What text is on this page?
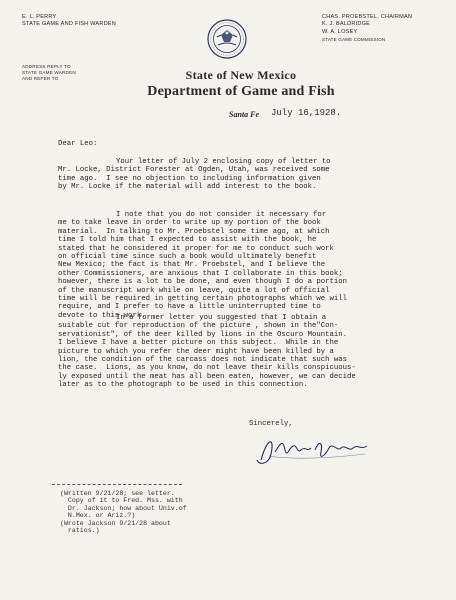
E. L. PERRY
STATE GAME AND FISH WARDEN
CHAS. PROEBSTEL, CHAIRMAN
K. J. BALDRIDGE
W. A. LOSEY
STATE GAME COMMISSION
ADDRESS REPLY TO
STATE GAME WARDEN
AND REFER TO	State of New Mexico
Department of Game and Fish
Santa Fe July 16,1928.
Dear Leo:
Your letter of July 2 enclosing copy of letter to
Mr. Locke, District Forester at Ogden, Utah, was received some
time ago.  I see no objection to including information given
by Mr. Locke if the material will add interest to the book.
I note that you do not consider it necessary for
me to take leave in order to write up my portion of the book
material.  In talking to Mr. Proebstel some time ago, at which
time I told him that I expected to assist with the book, he
stated that he considered it proper for me to conduct such work
on official time since such a book would ultimately benefit
New Mexico; the fact is that Mr. Proebstel, and I believe the
other Commissioners, are anxious that I collaborate in this book;
however, there is a lot to be done, and even though I do a portion
of the manuscript work while on leave, quite a lot of official
time will be required in getting certain photographs which we will
require, and I prefer to have a little uninterrupted time to
devote to this work.
In a former letter you suggested that I obtain a
suitable cut for reproduction of the picture , shown in the"Con-
servationist", of the deer killed by lions in the Oscuro Mountain.
I believe I have a better picture on this subject.  While in the
picture to which you refer the deer might have been killed by a
lion, the condition of the carcass does not indicate that such was
the case.  Lions, as you know, do not leave their kills conspicuous-
ly exposed until the meat has all been eaten, however, we can decide
later as to the photograph to be used in this connection.
Sincerely,
(Written 9/21/28; see letter.
Copy of it to Fred. Mss. with
Dr. Jackson; how about Univ.of
N.Mex. or Ariz.?)
(Wrote Jackson 9/21/28 about
ratios.)
